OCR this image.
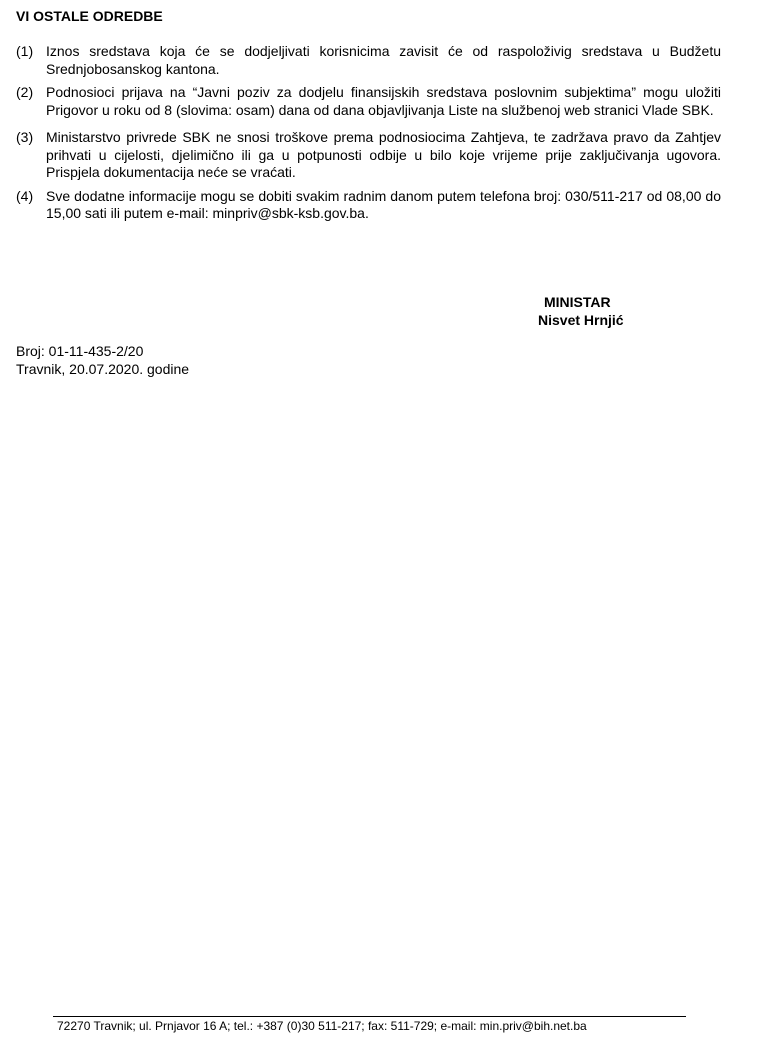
VI OSTALE ODREDBE
(1) Iznos sredstava koja će se dodjeljivati korisnicima zavisit će od raspoloživig sredstava u Budžetu Srednjobosanskog kantona.
(2) Podnosioci prijava na “Javni poziv za dodjelu finansijskih sredstava poslovnim subjektima” mogu uložiti Prigovor u roku od 8 (slovima: osam) dana od dana objavljivanja Liste na službenoj web stranici Vlade SBK.
(3) Ministarstvo privrede SBK ne snosi troškove prema podnosiocima Zahtjeva, te zadržava pravo da Zahtjev prihvati u cijelosti, djelimično ili ga u potpunosti odbije u bilo koje vrijeme prije zaključivanja ugovora. Prispjela dokumentacija neće se vraćati.
(4) Sve dodatne informacije mogu se dobiti svakim radnim danom putem telefona broj: 030/511-217 od 08,00 do 15,00 sati ili putem e-mail: minpriv@sbk-ksb.gov.ba.
MINISTAR
Nisvet Hrnjić
Broj: 01-11-435-2/20
Travnik, 20.07.2020. godine
72270 Travnik; ul. Prnjavor 16 A; tel.: +387 (0)30 511-217; fax: 511-729; e-mail: min.priv@bih.net.ba
